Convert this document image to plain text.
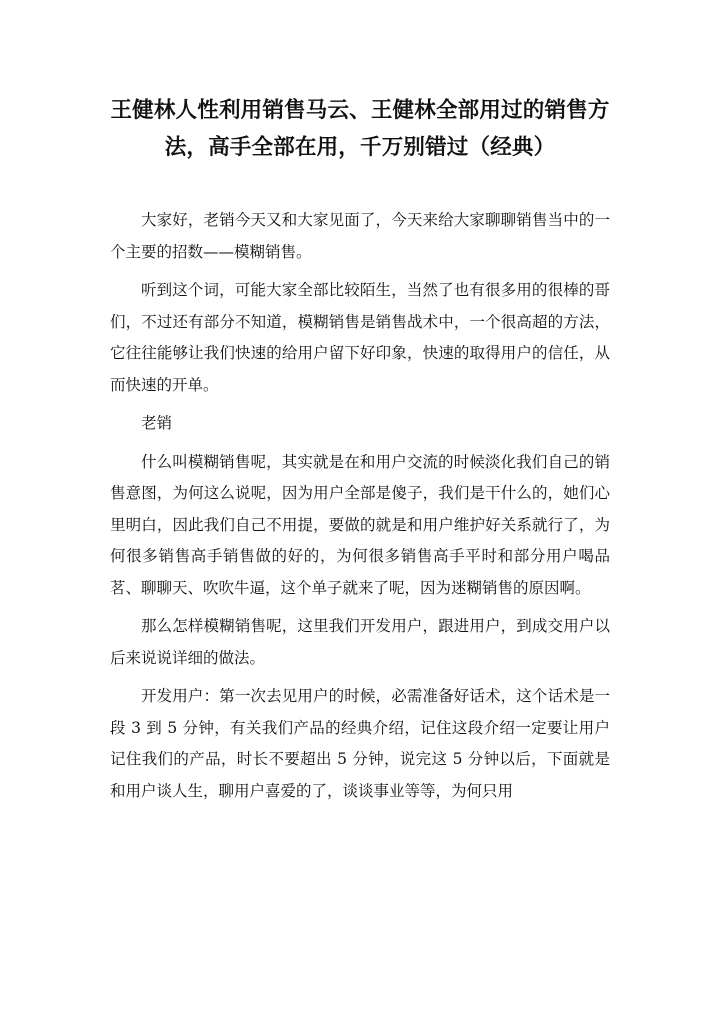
王健林人性利用销售马云、王健林全部用过的销售方法，高手全部在用，千万别错过（经典）

大家好，老销今天又和大家见面了，今天来给大家聊聊销售当中的一个主要的招数——模糊销售。

听到这个词，可能大家全部比较陌生，当然了也有很多用的很棒的哥们，不过还有部分不知道，模糊销售是销售战术中，一个很高超的方法，它往往能够让我们快速的给用户留下好印象，快速的取得用户的信任，从而快速的开单。

老销

什么叫模糊销售呢，其实就是在和用户交流的时候淡化我们自己的销售意图，为何这么说呢，因为用户全部是傻子，我们是干什么的，她们心里明白，因此我们自己不用提，要做的就是和用户维护好关系就行了，为何很多销售高手销售做的好的，为何很多销售高手平时和部分用户喝品茗、聊聊天、吹吹牛逼，这个单子就来了呢，因为迷糊销售的原因啊。

那么怎样模糊销售呢，这里我们开发用户，跟进用户，到成交用户以后来说说详细的做法。

开发用户：第一次去见用户的时候，必需准备好话术，这个话术是一段 3 到 5 分钟，有关我们产品的经典介绍，记住这段介绍一定要让用户记住我们的产品，时长不要超出 5 分钟，说完这 5 分钟以后，下面就是和用户谈人生，聊用户喜爱的了，谈谈事业等等，为何只用
